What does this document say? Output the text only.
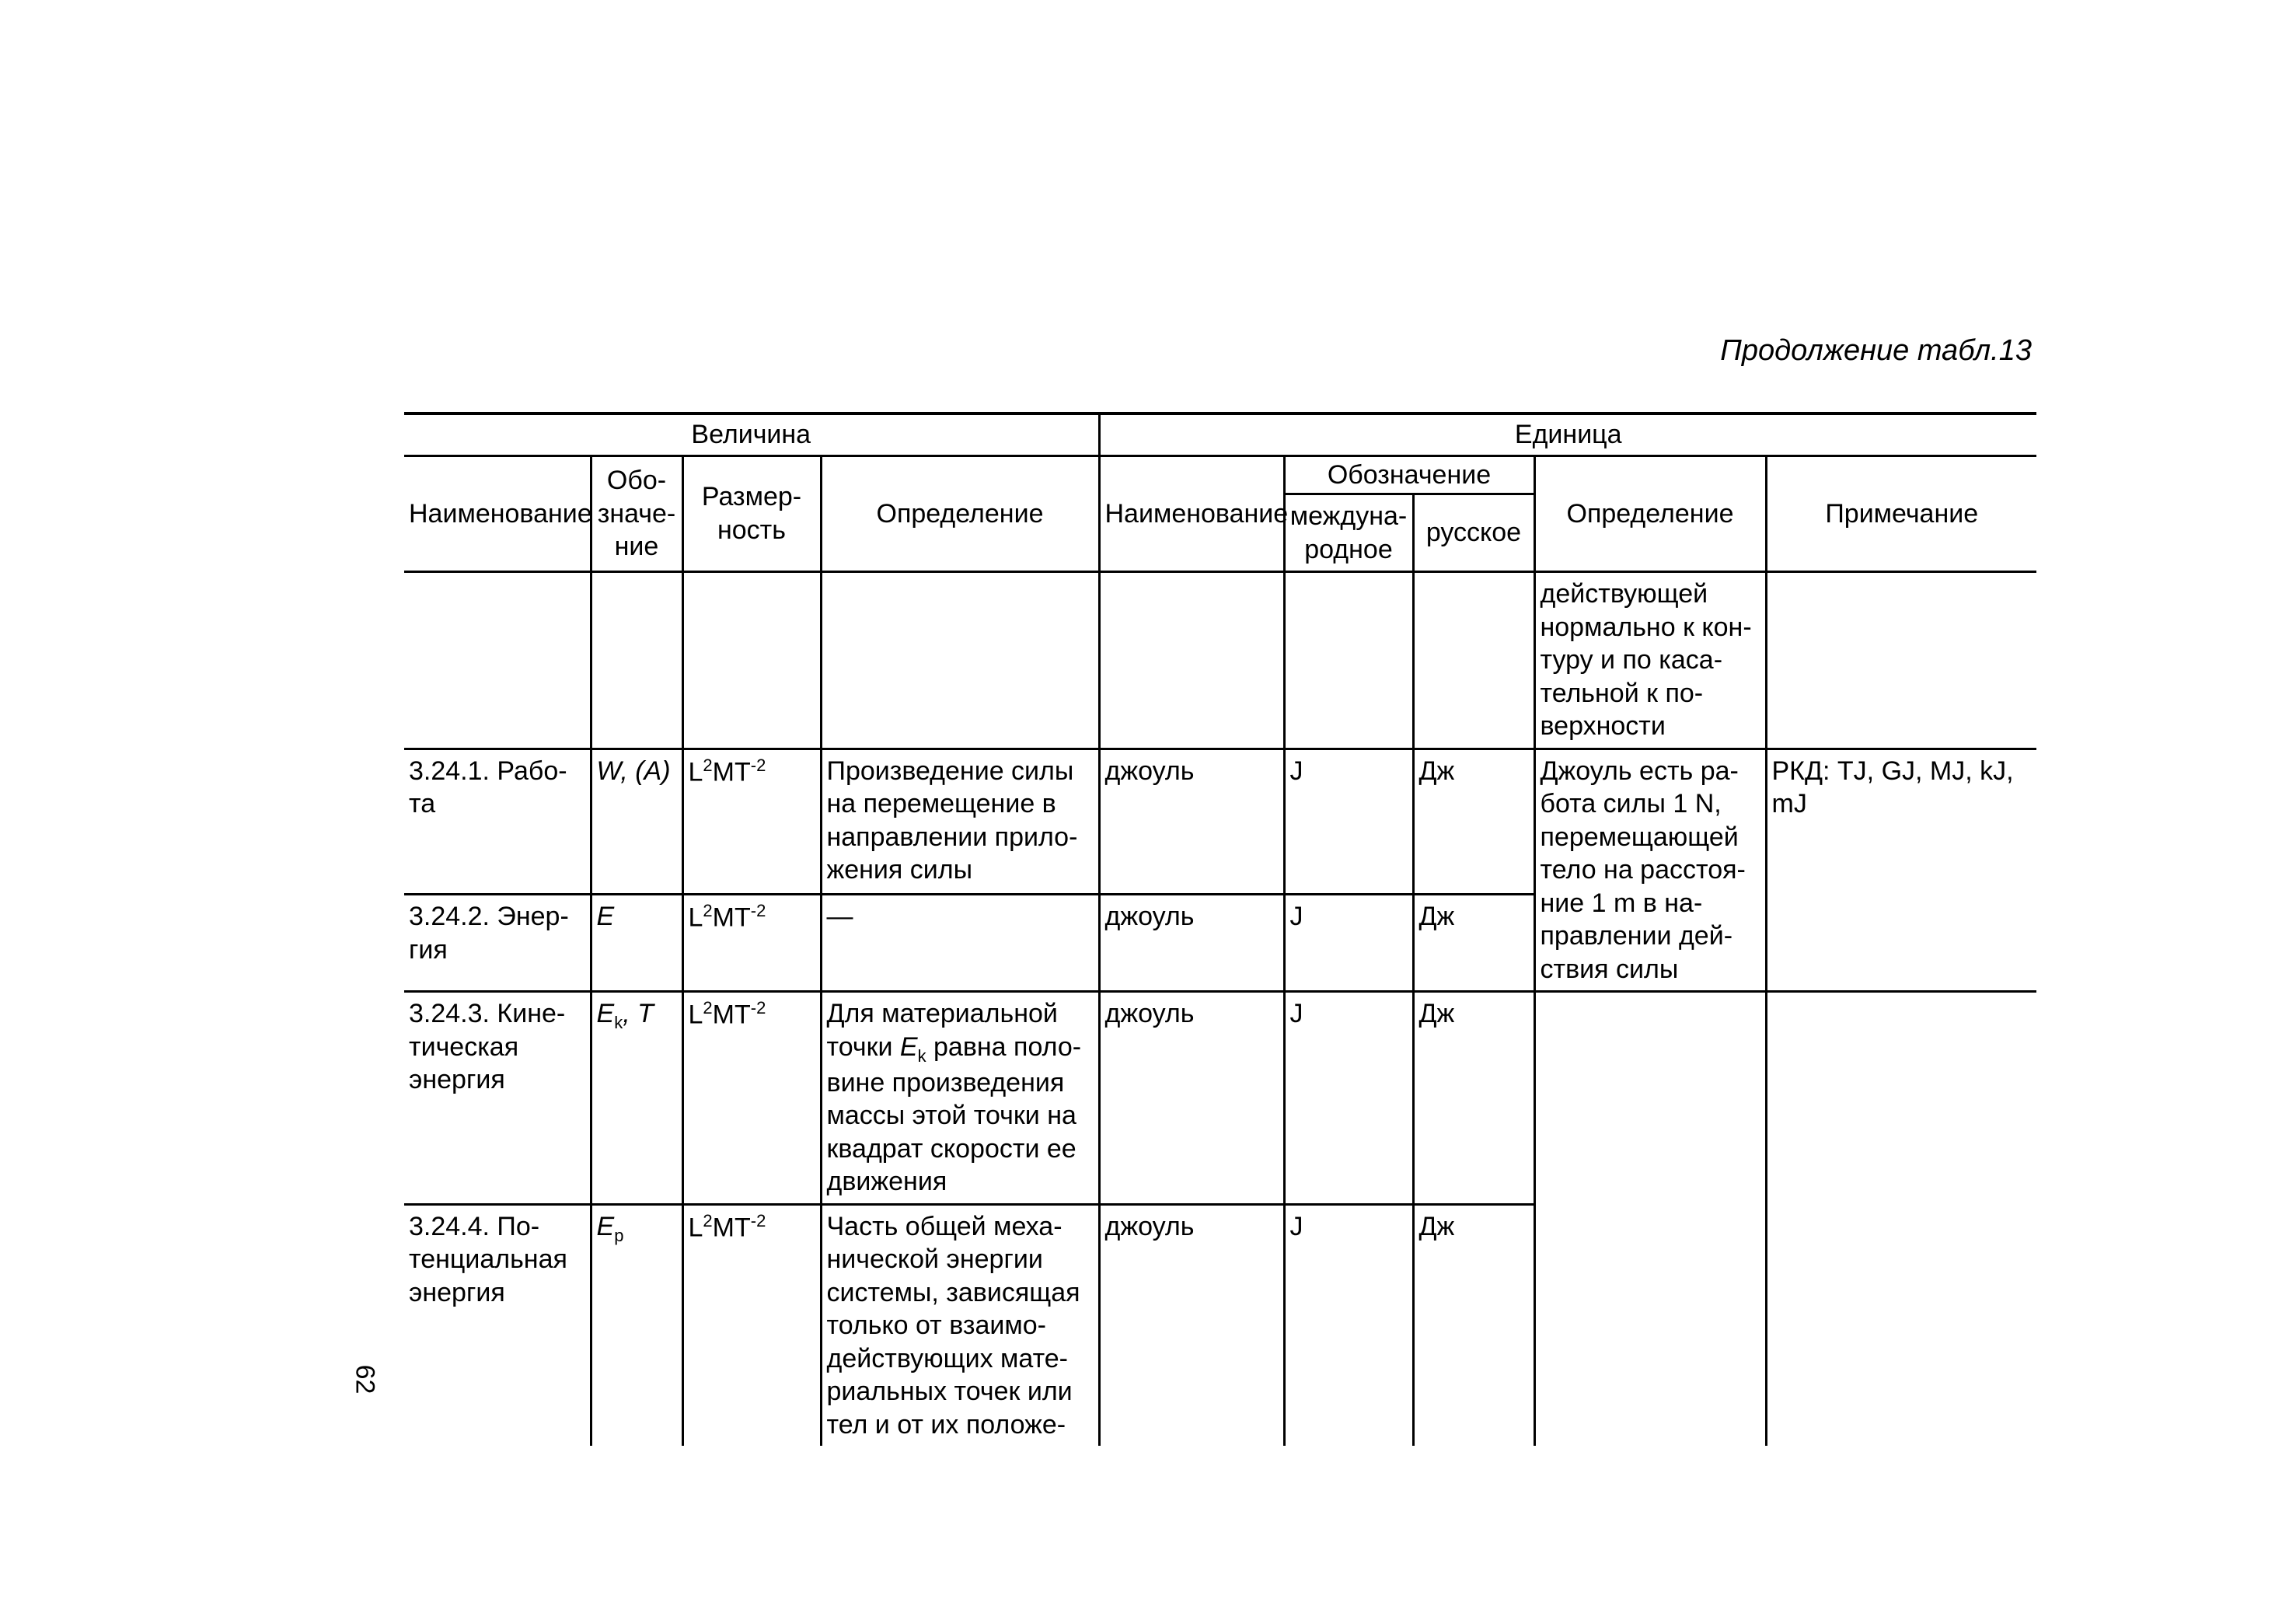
Продолжение табл.13
62
Величина				Единица				
Наименование	Обо- значе- ние	Размер- ность	Определение	Наименование	Обозначение		Определение	Примечание
					междуна- родное	русское		
							действующей нормально к кон- туру и по каса- тельной к по- верхности	
3.24.1. Рабо- та	W, (A)	$L^2MT^{-2}$	Произведение силы на перемещение в направлении прило- жения силы	джоуль	J	Дж	Джоуль есть ра- бота силы 1 N, перемещающей тело на расстоя- ние 1 m в на- правлении дей- ствия силы	РКД: TJ, GJ, MJ, kJ, mJ
3.24.2. Энер- гия	E	$L^2MT^{-2}$	—	джоуль	J	Дж		
3.24.3. Кине- тическая энергия	$E_k$, T	$L^2MT^{-2}$	Для материальной точки $E_k$ равна поло- вине произведения массы этой точки на квадрат скорости ее движения	джоуль	J	Дж		
3.24.4. По- тенциальная энергия	$E_p$	$L^2MT^{-2}$	Часть общей меха- нической энергии системы, зависящая только от взаимо- действующих мате- риальных точек или тел и от их положе-	джоуль	J	Дж		
